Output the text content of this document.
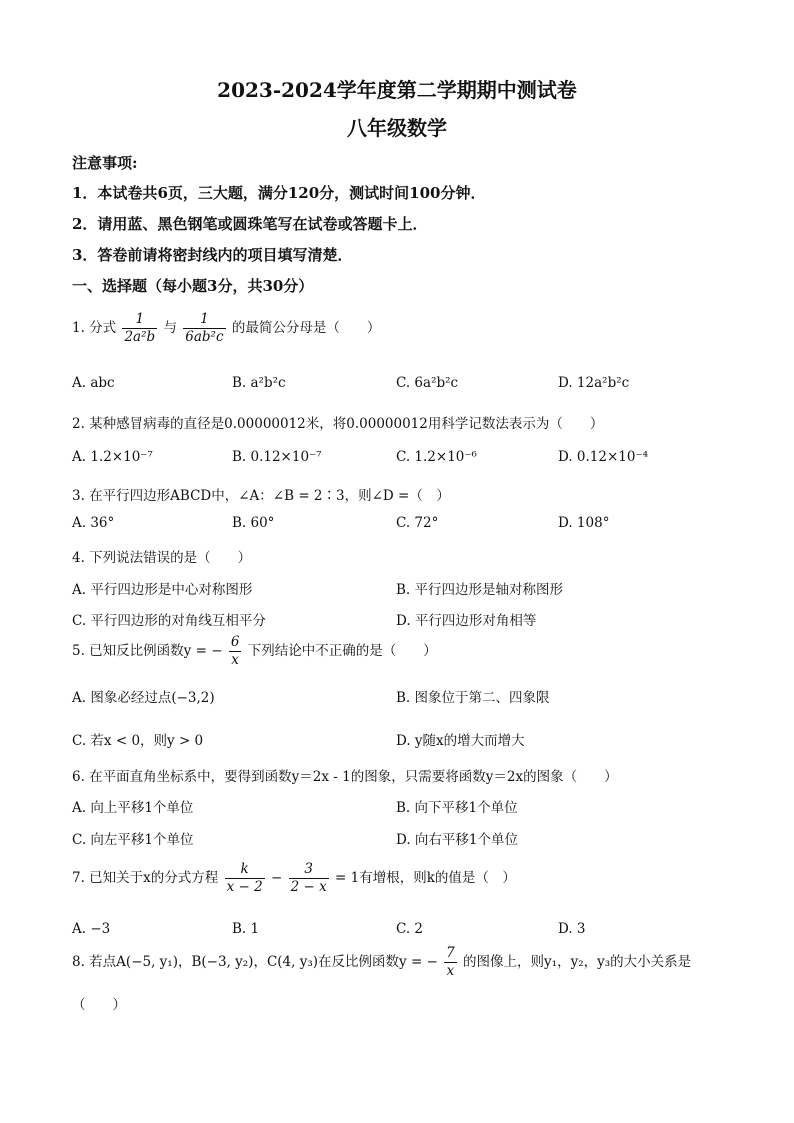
2023-2024学年度第二学期期中测试卷
八年级数学
注意事项:
1．本试卷共6页，三大题，满分120分，测试时间100分钟．
2．请用蓝、黑色钢笔或圆珠笔写在试卷或答题卡上．
3．答卷前请将密封线内的项目填写清楚．
一、选择题（每小题3分，共30分）
1. 分式 $\frac{1}{\text{2a²b}}$ 与 $\frac{1}{\text{6ab²c}}$ 的最简公分母是（　　）
A. abc	B. a²b²c	C. 6a²b²c	D. 12a²b²c
2. 某种感冒病毒的直径是0.00000012米，将0.00000012用科学记数法表示为（　　）
A. 1.2×10⁻⁷	B. 0.12×10⁻⁷	C. 1.2×10⁻⁶	D. 0.12×10⁻⁴
3. 在平行四边形ABCD中，∠A：∠B = 2∶3，则∠D =（　）
A. 36°	B. 60°	C. 72°	D. 108°
4. 下列说法错误的是（　　）
A. 平行四边形是中心对称图形	B. 平行四边形是轴对称图形
C. 平行四边形的对角线互相平分	D. 平行四边形对角相等
5. 已知反比例函数y = − $\frac{6}{x}$ 下列结论中不正确的是（　　）
A. 图象必经过点(−3,2)	B. 图象位于第二、四象限
C. 若x < 0，则y > 0	D. y随x的增大而增大
6. 在平面直角坐标系中，要得到函数y＝2x - 1的图象，只需要将函数y＝2x的图象（　　）
A. 向上平移1个单位	B. 向下平移1个单位
C. 向左平移1个单位	D. 向右平移1个单位
7. 已知关于x的分式方程 $\frac{k}{x - 2} - \frac{3}{2 - x} = 1$有增根，则k的值是（　）
A. −3	B. 1	C. 2	D. 3
8. 若点A(−5, y₁)，B(−3, y₂)，C(4, y₃)在反比例函数y = − $\frac{7}{x}$ 的图像上，则y₁，y₂，y₃的大小关系是
（　　）
